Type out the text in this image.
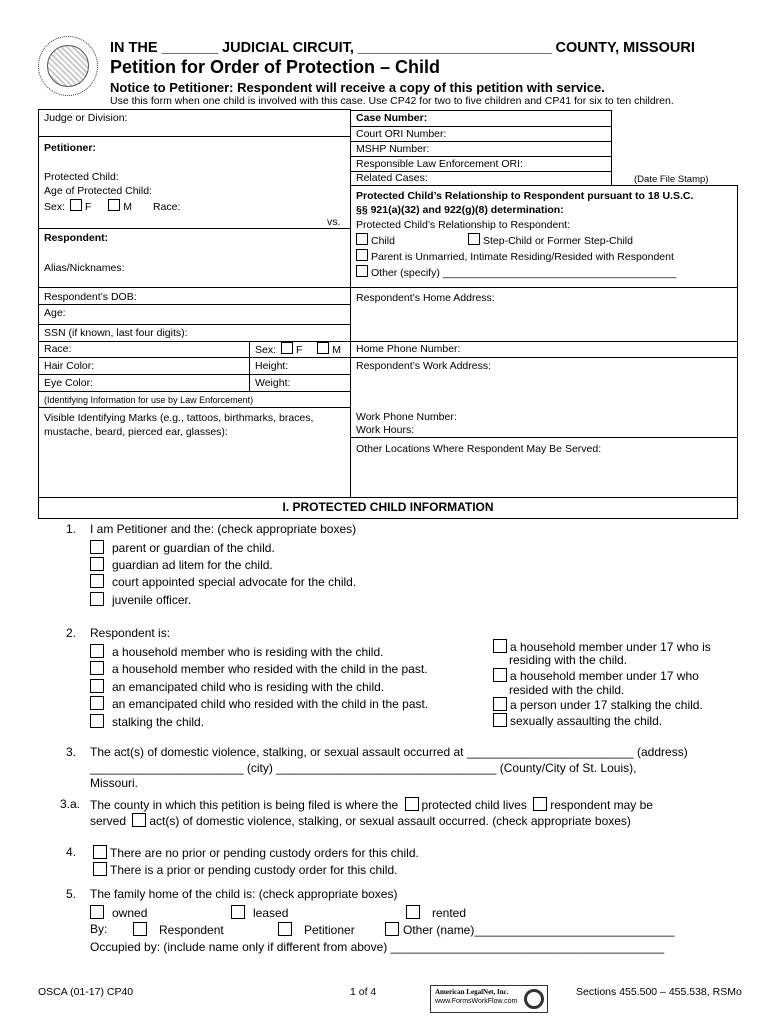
IN THE _______ JUDICIAL CIRCUIT, ________________________ COUNTY, MISSOURI
Petition for Order of Protection – Child
Notice to Petitioner: Respondent will receive a copy of this petition with service.
Use this form when one child is involved with this case. Use CP42 for two to five children and CP41 for six to ten children.
Case Number:
Court ORI Number:
MSHP Number:
Responsible Law Enforcement ORI:
Related Cases:	(Date File Stamp)
Protected Child’s Relationship to Respondent pursuant to 18 U.S.C.
§§ 921(a)(32) and 922(g)(8) determination:
Protected Child’s Relationship to Respondent:
Child	Step-Child or Former Step-Child
Parent is Unmarried, Intimate Residing/Resided with Respondent
Other (specify) ________________________________________
Judge or Division:
Petitioner:
Protected Child:
Age of Protected Child:
Sex: F	M Race:
vs.
Respondent:
Alias/Nicknames:
Respondent’s DOB:
Age:
SSN (if known, last four digits):
Race:	Sex: F	M
Hair Color:	Height:
Eye Color:	Weight:
(Identifying Information for use by Law Enforcement)
Visible Identifying Marks (e.g., tattoos, birthmarks, braces,
mustache, beard, pierced ear, glasses):
Respondent’s Home Address:
Home Phone Number:
Respondent’s Work Address:
Work Phone Number:
Work Hours:
Other Locations Where Respondent May Be Served:
I. PROTECTED CHILD INFORMATION
1. I am Petitioner and the: (check appropriate boxes)
parent or guardian of the child.
guardian ad litem for the child.
court appointed special advocate for the child.
juvenile officer.
2. Respondent is:
a household member who is residing with the child.
a household member who resided with the child in the past.
an emancipated child who is residing with the child.
an emancipated child who resided with the child in the past.
stalking the child.
a household member under 17 who is
residing with the child.
a household member under 17 who
resided with the child.
a person under 17 stalking the child.
sexually assaulting the child.
3. The act(s) of domestic violence, stalking, or sexual assault occurred at _________________________ (address)
_______________________ (city) _________________________________ (County/City of St. Louis),
Missouri.
3.a. The county in which this petition is being filed is where the protected child lives respondent may be
served act(s) of domestic violence, stalking, or sexual assault occurred. (check appropriate boxes)
4.	There are no prior or pending custody orders for this child.
There is a prior or pending custody order for this child.
5. The family home of the child is: (check appropriate boxes)
owned	leased	rented
By:	Respondent	Petitioner	Other (name)______________________________
Occupied by: (include name only if different from above) _________________________________________
OSCA (01-17) CP40	1 of 4	American LegalNet, Inc.
www.FormsWorkFlow.com
Sections 455.500 – 455.538, RSMo
